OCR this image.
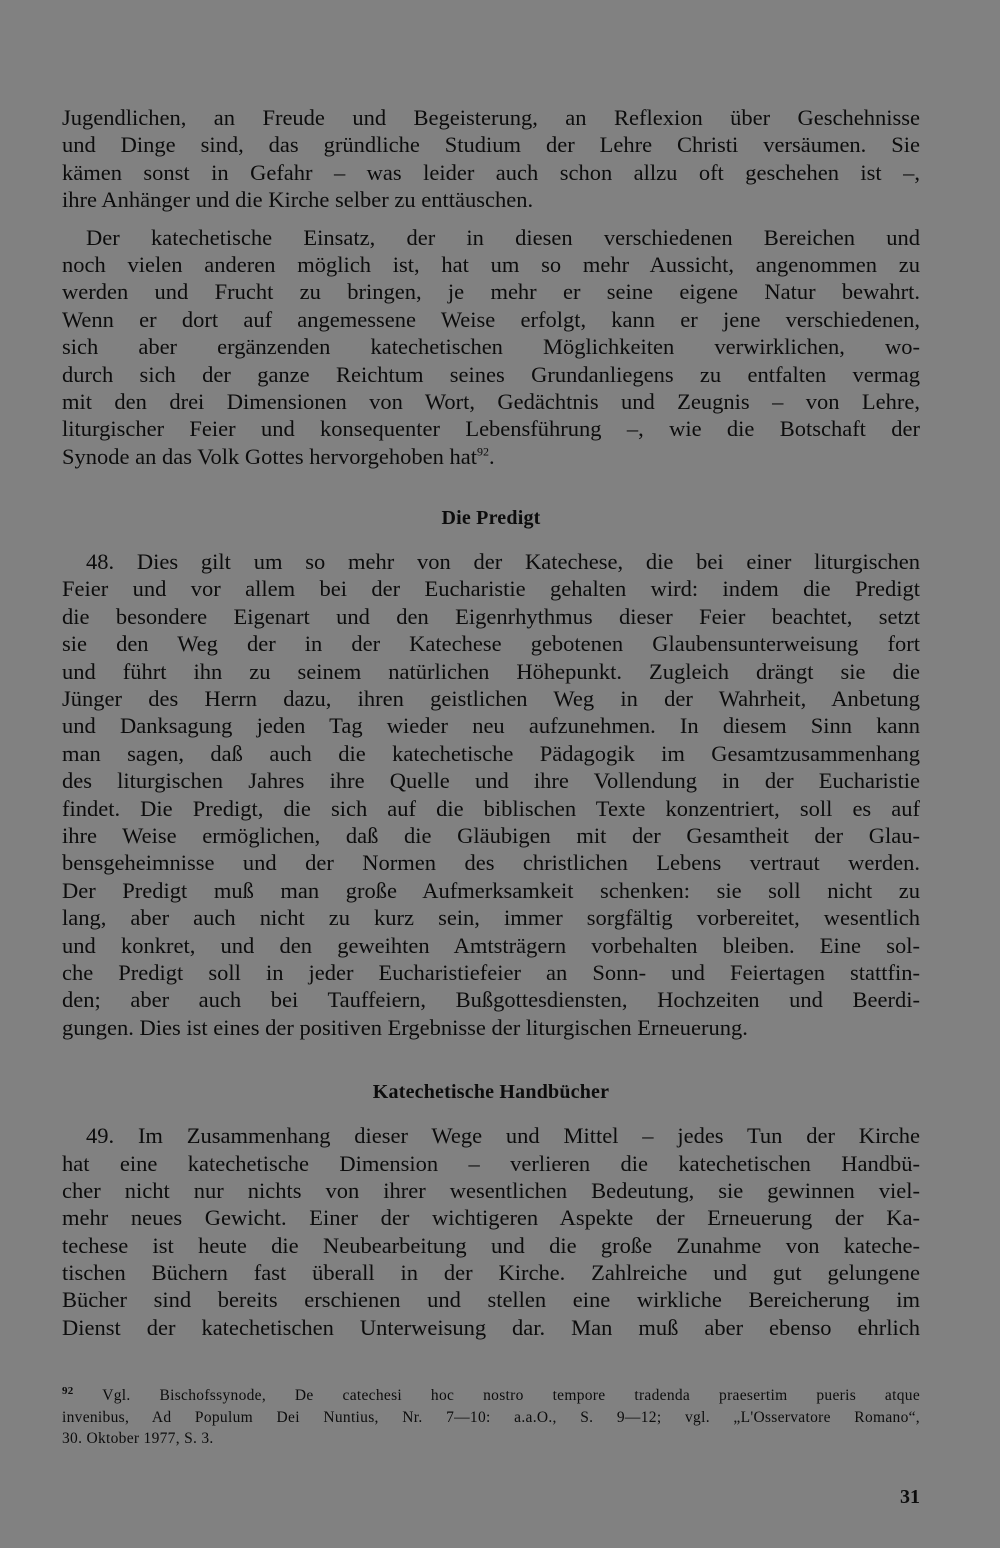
Jugendlichen, an Freude und Begeisterung, an Reflexion über Geschehnisse
und Dinge sind, das gründliche Studium der Lehre Christi versäumen. Sie
kämen sonst in Gefahr – was leider auch schon allzu oft geschehen ist –,
ihre Anhänger und die Kirche selber zu enttäuschen.
Der katechetische Einsatz, der in diesen verschiedenen Bereichen und
noch vielen anderen möglich ist, hat um so mehr Aussicht, angenommen zu
werden und Frucht zu bringen, je mehr er seine eigene Natur bewahrt.
Wenn er dort auf angemessene Weise erfolgt, kann er jene verschiedenen,
sich aber ergänzenden katechetischen Möglichkeiten verwirklichen, wo-
durch sich der ganze Reichtum seines Grundanliegens zu entfalten vermag
mit den drei Dimensionen von Wort, Gedächtnis und Zeugnis – von Lehre,
liturgischer Feier und konsequenter Lebensführung –, wie die Botschaft der
Synode an das Volk Gottes hervorgehoben hat$^{92}$.
Die Predigt
48. Dies gilt um so mehr von der Katechese, die bei einer liturgischen
Feier und vor allem bei der Eucharistie gehalten wird: indem die Predigt
die besondere Eigenart und den Eigenrhythmus dieser Feier beachtet, setzt
sie den Weg der in der Katechese gebotenen Glaubensunterweisung fort
und führt ihn zu seinem natürlichen Höhepunkt. Zugleich drängt sie die
Jünger des Herrn dazu, ihren geistlichen Weg in der Wahrheit, Anbetung
und Danksagung jeden Tag wieder neu aufzunehmen. In diesem Sinn kann
man sagen, daß auch die katechetische Pädagogik im Gesamtzusammenhang
des liturgischen Jahres ihre Quelle und ihre Vollendung in der Eucharistie
findet. Die Predigt, die sich auf die biblischen Texte konzentriert, soll es auf
ihre Weise ermöglichen, daß die Gläubigen mit der Gesamtheit der Glau-
bensgeheimnisse und der Normen des christlichen Lebens vertraut werden.
Der Predigt muß man große Aufmerksamkeit schenken: sie soll nicht zu
lang, aber auch nicht zu kurz sein, immer sorgfältig vorbereitet, wesentlich
und konkret, und den geweihten Amtsträgern vorbehalten bleiben. Eine sol-
che Predigt soll in jeder Eucharistiefeier an Sonn- und Feiertagen stattfin-
den; aber auch bei Tauffeiern, Bußgottesdiensten, Hochzeiten und Beerdi-
gungen. Dies ist eines der positiven Ergebnisse der liturgischen Erneuerung.
Katechetische Handbücher
49. Im Zusammenhang dieser Wege und Mittel – jedes Tun der Kirche
hat eine katechetische Dimension – verlieren die katechetischen Handbü-
cher nicht nur nichts von ihrer wesentlichen Bedeutung, sie gewinnen viel-
mehr neues Gewicht. Einer der wichtigeren Aspekte der Erneuerung der Ka-
techese ist heute die Neubearbeitung und die große Zunahme von kateche-
tischen Büchern fast überall in der Kirche. Zahlreiche und gut gelungene
Bücher sind bereits erschienen und stellen eine wirkliche Bereicherung im
Dienst der katechetischen Unterweisung dar. Man muß aber ebenso ehrlich
$^{92}$ Vgl. Bischofssynode, De catechesi hoc nostro tempore tradenda praesertim pueris atque
invenibus, Ad Populum Dei Nuntius, Nr. 7—10: a.a.O., S. 9—12; vgl. „L'Osservatore Romano“,
30. Oktober 1977, S. 3.
31
